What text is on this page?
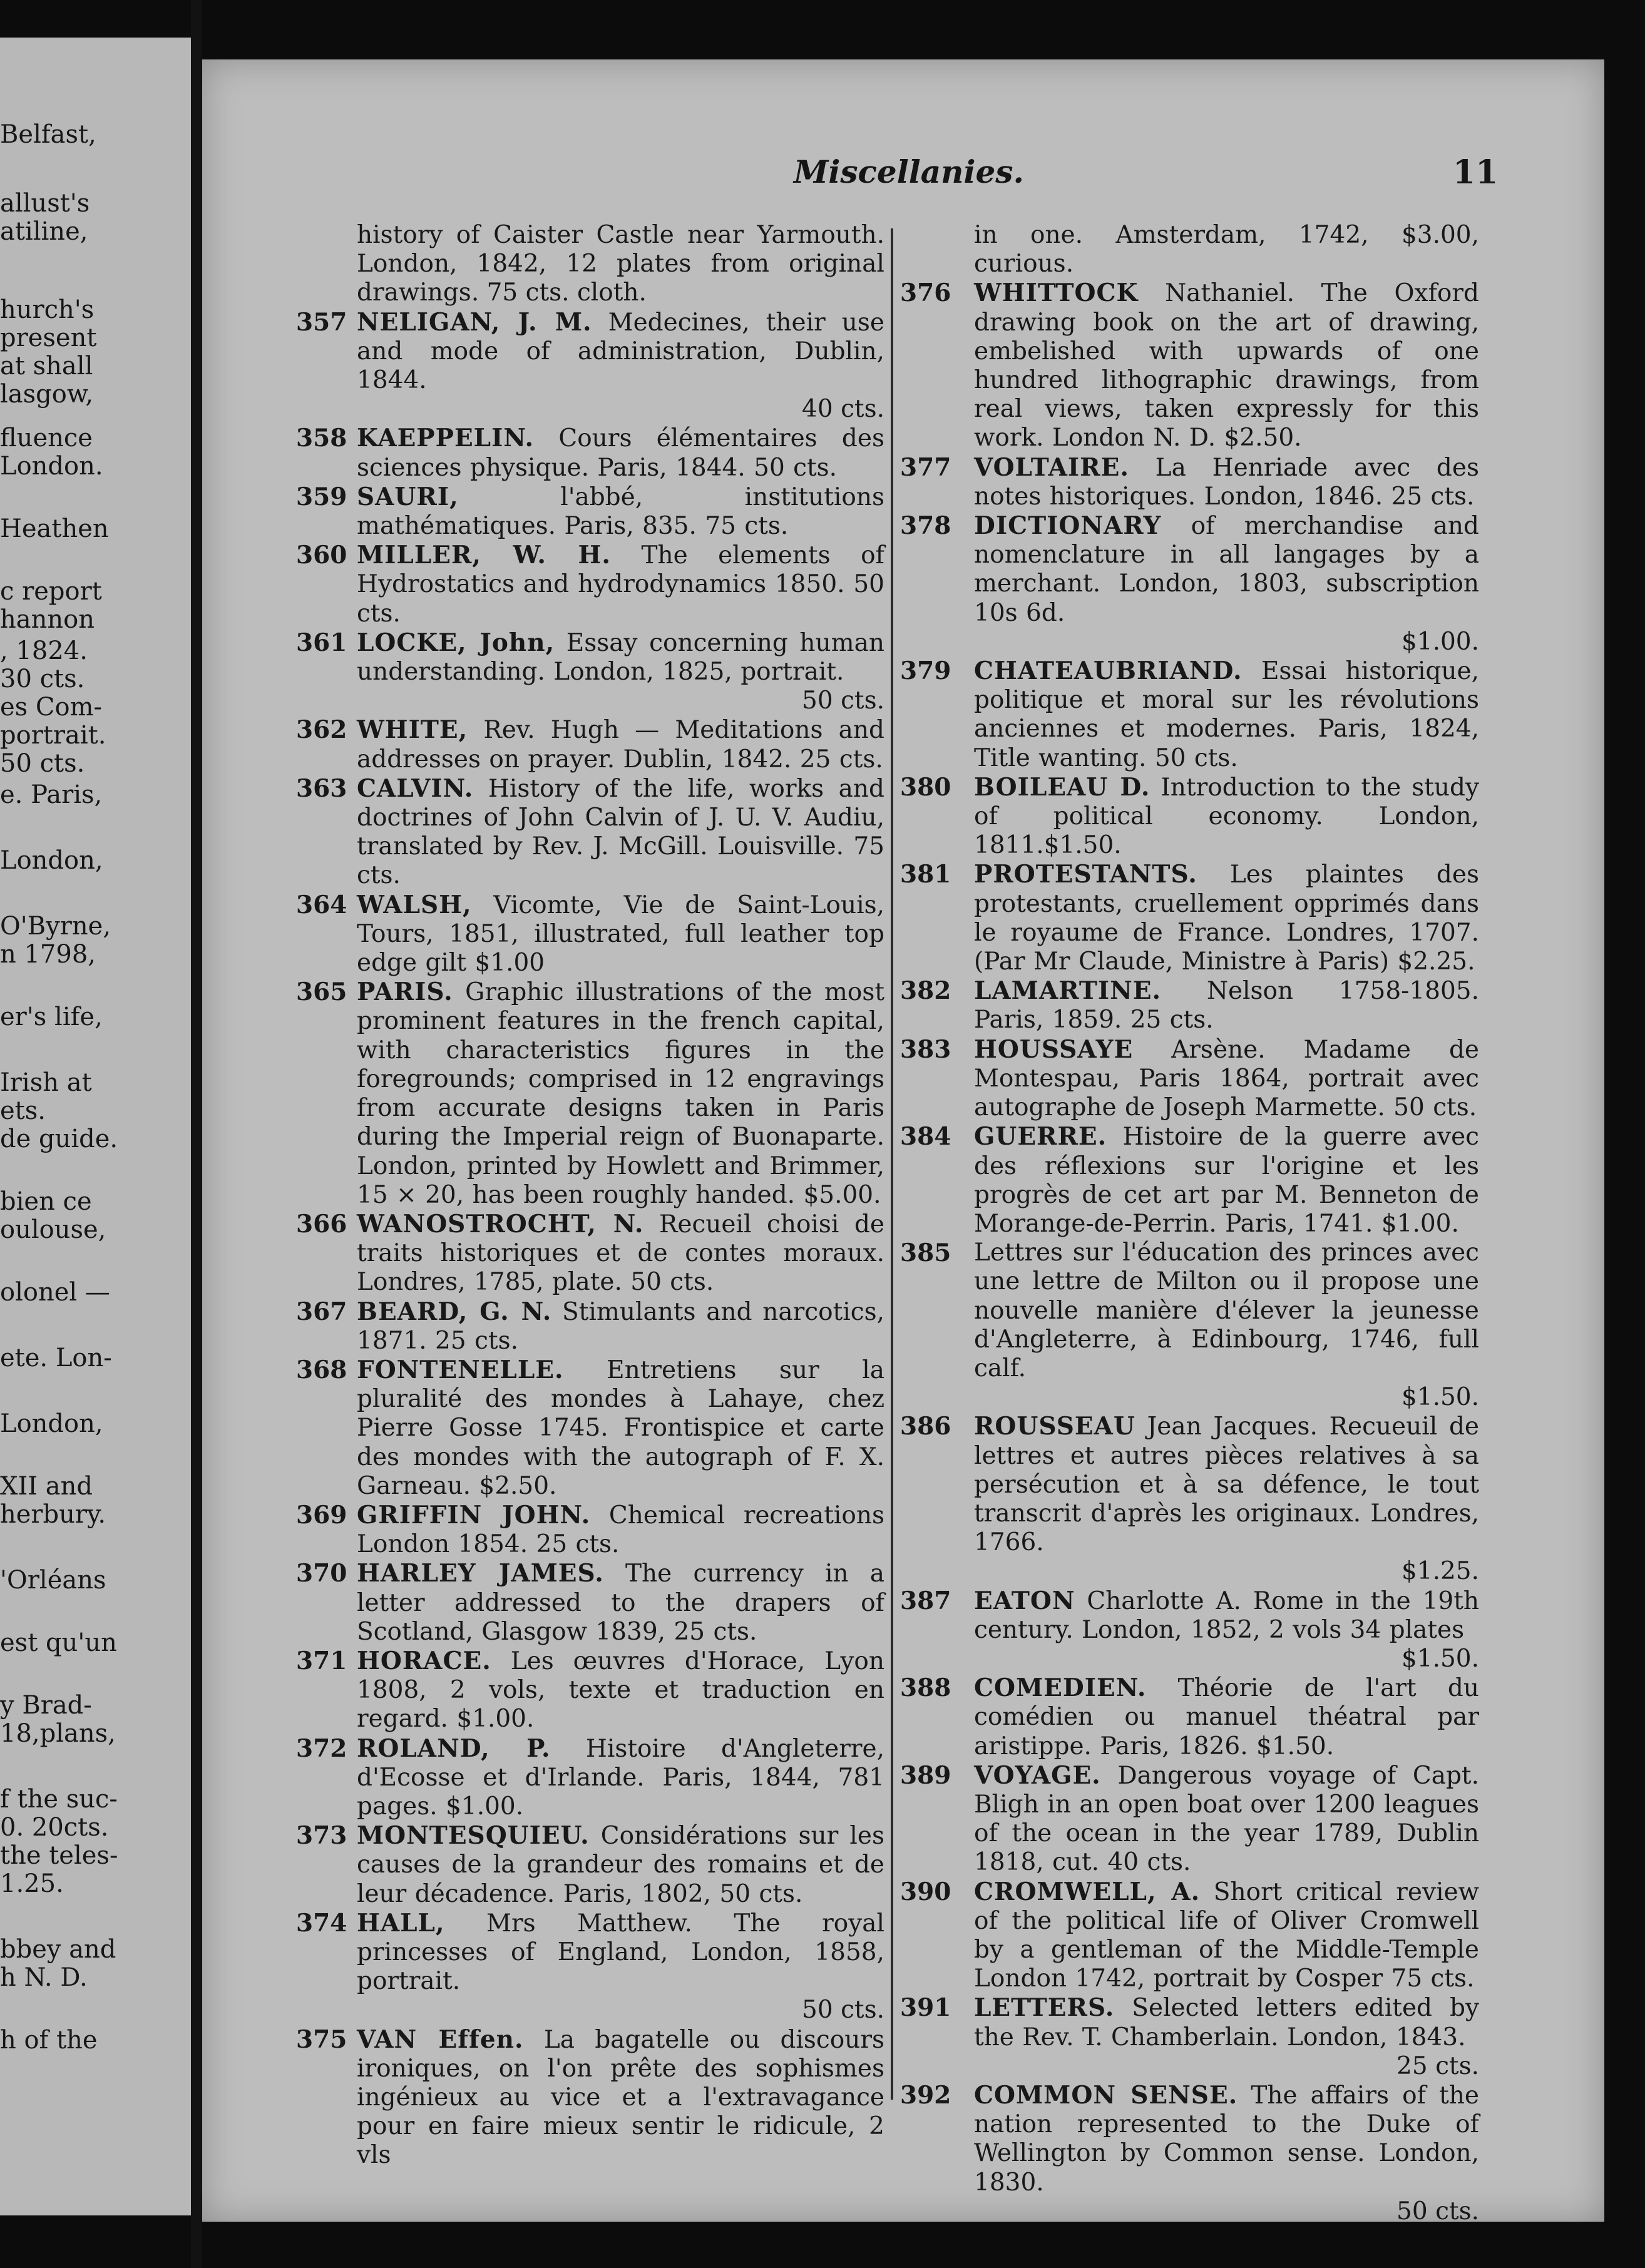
Belfast,
allust's
atiline,
hurch's
present
at shall
lasgow,
fluence
London.
Heathen
c report
hannon
, 1824.
30 cts.
es Com-
portrait.
50 cts.
e. Paris,
London,
O'Byrne,
n 1798,
er's life,
Irish at
ets.
de guide.
bien ce
oulouse,
olonel —
ete. Lon-
London,
XII and
herbury.
'Orléans
est qu'un
y Brad-
18,plans,
f the suc-
0. 20cts.
the teles-
1.25.
bbey and
h N. D.
h of the
Miscellanies.	11
history of Caister Castle near Yarmouth. London, 1842, 12 plates from original drawings. 75 cts. cloth.
357 NELIGAN, J. M. Medecines, their use and mode of administration, Dublin, 1844.
40 cts.
358 KAEPPELIN. Cours élémentaires des sciences physique. Paris, 1844. 50 cts.
359 SAURI,	l'abbé, institutions mathématiques. Paris, 835. 75 cts.
360 MILLER, W. H. The elements of Hydrostatics and hydrodynamics 1850. 50 cts.
361 LOCKE, John, Essay concerning human understanding. London, 1825, portrait.
50 cts.
362 WHITE, Rev. Hugh — Meditations and addresses on prayer. Dublin, 1842. 25 cts.
363 CALVIN. History of the life, works and doctrines of John Calvin of J. U. V. Audiu, translated by Rev. J. McGill. Louisville. 75 cts.
364 WALSH, Vicomte, Vie de Saint-Louis, Tours, 1851, illustrated, full leather top edge gilt $1.00
365 PARIS. Graphic illustrations of the most prominent features in the french capital, with characteristics figures in the foregrounds; comprised in 12 engravings from accurate designs taken in Paris during the Imperial reign of Buonaparte. London, printed by Howlett and Brimmer, 15 × 20, has been roughly handed. $5.00.
366 WANOSTROCHT, N. Recueil choisi de traits historiques et de contes moraux. Londres, 1785, plate. 50 cts.
367 BEARD, G. N. Stimulants and narcotics, 1871. 25 cts.
368 FONTENELLE. Entretiens sur la pluralité des mondes à Lahaye, chez Pierre Gosse 1745. Frontispice et carte des mondes with the autograph of F. X. Garneau. $2.50.
369 GRIFFIN JOHN. Chemical recreations London 1854. 25 cts.
370 HARLEY JAMES. The currency in a letter addressed to the drapers of Scotland, Glasgow 1839, 25 cts.
371 HORACE. Les œuvres d'Horace, Lyon 1808, 2 vols, texte et traduction en regard. $1.00.
372 ROLAND, P. Histoire d'Angleterre, d'Ecosse et d'Irlande. Paris, 1844, 781 pages. $1.00.
373 MONTESQUIEU. Considérations sur les causes de la grandeur des romains et de leur décadence. Paris, 1802, 50 cts.
374 HALL, Mrs Matthew. The royal princesses of England, London, 1858, portrait.
50 cts.
375 VAN Effen. La bagatelle ou discours ironiques, on l'on prête des sophismes ingénieux au vice et a l'extravagance pour en faire mieux sentir le ridicule, 2 vls
in one. Amsterdam, 1742, $3.00, curious.
376 WHITTOCK Nathaniel. The Oxford drawing book on the art of drawing, embelished with upwards of one hundred lithographic drawings, from real views, taken expressly for this work. London N. D. $2.50.
377 VOLTAIRE. La Henriade avec des notes historiques. London, 1846. 25 cts.
378 DICTIONARY of merchandise and nomenclature in all langages by a merchant. London, 1803, subscription 10s 6d.
$1.00.
379 CHATEAUBRIAND. Essai historique, politique et moral sur les révolutions anciennes et modernes. Paris, 1824, Title wanting. 50 cts.
380 BOILEAU D. Introduction to the study of political economy. London, 1811.$1.50.
381 PROTESTANTS. Les plaintes des protestants, cruellement opprimés dans le royaume de France. Londres, 1707. (Par Mr Claude, Ministre à Paris) $2.25.
382 LAMARTINE. Nelson 1758-1805. Paris, 1859. 25 cts.
383 HOUSSAYE Arsène. Madame de Montespau, Paris 1864, portrait avec autographe de Joseph Marmette. 50 cts.
384 GUERRE. Histoire de la guerre avec des réflexions sur l'origine et les progrès de cet art par M. Benneton de Morange-de-Perrin. Paris, 1741. $1.00.
385 Lettres sur l'éducation des princes avec une lettre de Milton ou il propose une nouvelle manière d'élever la jeunesse d'Angleterre, à Edinbourg, 1746, full calf.
$1.50.
386 ROUSSEAU Jean Jacques. Recueuil de lettres et autres pièces relatives à sa persécution et à sa défence, le tout transcrit d'après les originaux. Londres, 1766.
$1.25.
387 EATON Charlotte A. Rome in the 19th century. London, 1852, 2 vols 34 plates
$1.50.
388 COMEDIEN. Théorie de l'art du comédien ou manuel théatral par aristippe. Paris, 1826. $1.50.
389 VOYAGE. Dangerous voyage of Capt. Bligh in an open boat over 1200 leagues of the ocean in the year 1789, Dublin 1818, cut. 40 cts.
390 CROMWELL, A. Short critical review of the political life of Oliver Cromwell by a gentleman of the Middle-Temple London 1742, portrait by Cosper 75 cts.
391 LETTERS. Selected letters edited by the Rev. T. Chamberlain. London, 1843.
25 cts.
392 COMMON SENSE. The affairs of the nation represented to the Duke of Wellington by Common sense. London, 1830.
50 cts.
